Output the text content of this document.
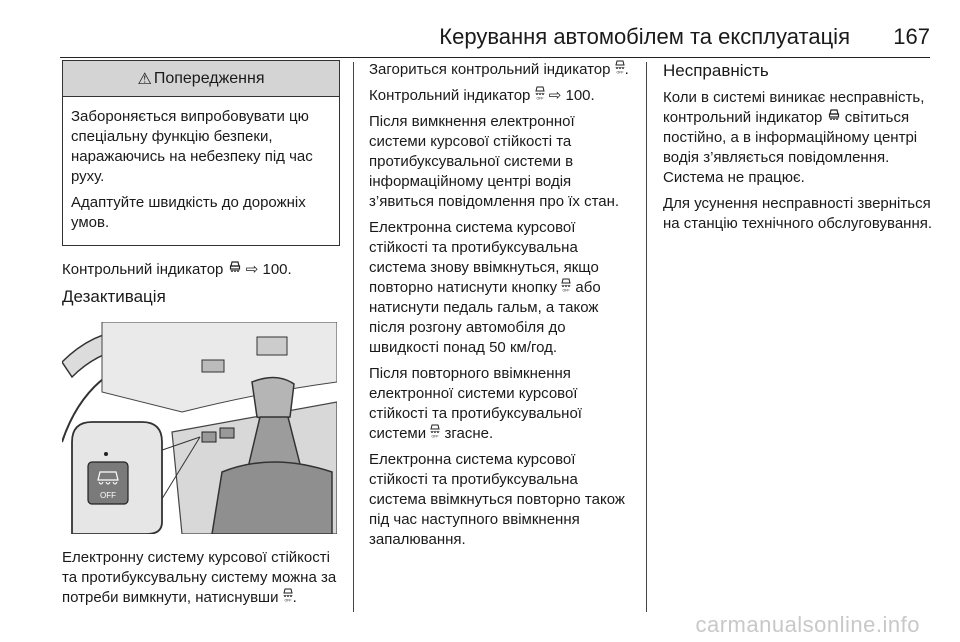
Керування автомобілем та експлуатація 167
⚠ Попередження

Забороняється випробовувати цю спеціальну функцію безпеки, наражаючись на небезпеку під час руху.

Адаптуйте швидкість до дорожніх умов.

Контрольний індикатор ⇨ 100.

Дезактивація
OFF

Електронну систему курсової стійкості та протибуксувальну систему можна за потреби вимкнути, натиснувши OFF .

Загориться контрольний індикатор OFF .

Контрольний індикатор OFF ⇨ 100.

Після вимкнення електронної системи курсової стійкості та протибуксувальної системи в інформаційному центрі водія з’явиться повідомлення про їх стан.

Електронна система курсової стійкості та протибуксувальна система знову ввімкнуться, якщо повторно натиснути кнопку OFF або натиснути педаль гальм, а також після розгону автомобіля до швидкості понад 50 км/год.

Після повторного ввімкнення електронної системи курсової стійкості та протибуксувальної системи OFF згасне.

Електронна система курсової стійкості та протибуксувальна система ввімкнуться повторно також під час наступного ввімкнення запалювання.

Несправність

Коли в системі виникає несправність, контрольний індикатор світиться постійно, а в інформаційному центрі водія з’являється повідомлення. Система не працює.

Для усунення несправності зверніться на станцію технічного обслуговування.

carmanualsonline.info
